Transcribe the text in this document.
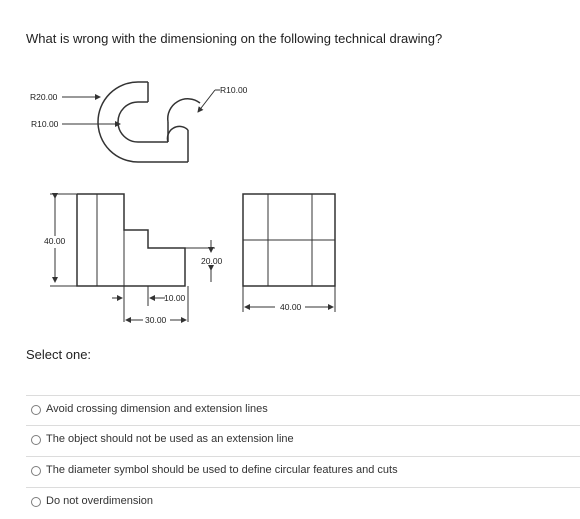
What is wrong with the dimensioning on the following technical drawing?
R20.00
R10.00
R10.00
40.00
20.00
10.00
30.00
40.00
Select one:
Avoid crossing dimension and extension lines
The object should not be used as an extension line
The diameter symbol should be used to define circular features and cuts
Do not overdimension
